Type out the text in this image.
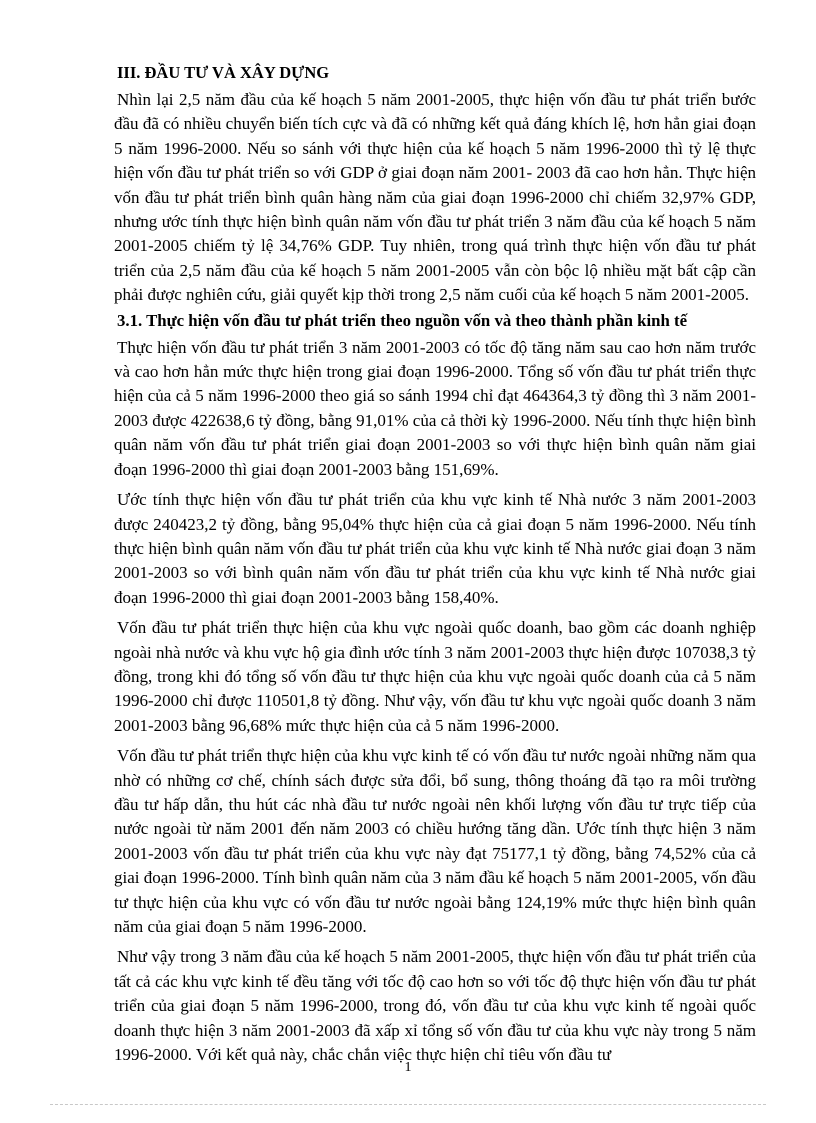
III. ĐẦU TƯ VÀ XÂY DỰNG

Nhìn lại 2,5 năm đầu của kế hoạch 5 năm 2001-2005, thực hiện vốn đầu tư phát triển bước đầu đã có nhiều chuyển biến tích cực và đã có những kết quả đáng khích lệ, hơn hẳn giai đoạn 5 năm 1996-2000. Nếu so sánh với thực hiện của kế hoạch 5 năm 1996-2000 thì tỷ lệ thực hiện vốn đầu tư phát triển so với GDP ở giai đoạn năm 2001- 2003 đã cao hơn hẳn. Thực hiện vốn đầu tư phát triển bình quân hàng năm của giai đoạn 1996-2000 chỉ chiếm 32,97% GDP, nhưng ước tính thực hiện bình quân năm vốn đầu tư phát triển 3 năm đầu của kế hoạch 5 năm 2001-2005 chiếm tỷ lệ 34,76% GDP. Tuy nhiên, trong quá trình thực hiện vốn đầu tư phát triển của 2,5 năm đầu của kế hoạch 5 năm 2001-2005 vẫn còn bộc lộ nhiều mặt bất cập cần phải được nghiên cứu, giải quyết kịp thời trong 2,5 năm cuối của kế hoạch 5 năm 2001-2005.

3.1. Thực hiện vốn đầu tư phát triển theo nguồn vốn và theo thành phần kinh tế

Thực hiện vốn đầu tư phát triển 3 năm 2001-2003 có tốc độ tăng năm sau cao hơn năm trước và cao hơn hẳn mức thực hiện trong giai đoạn 1996-2000. Tổng số vốn đầu tư phát triển thực hiện của cả 5 năm 1996-2000 theo giá so sánh 1994 chỉ đạt 464364,3 tỷ đồng thì 3 năm 2001-2003 được 422638,6 tỷ đồng, bằng 91,01% của cả thời kỳ 1996-2000. Nếu tính thực hiện bình quân năm vốn đầu tư phát triển giai đoạn 2001-2003 so với thực hiện bình quân năm giai đoạn 1996-2000 thì giai đoạn 2001-2003 bằng 151,69%.

Ước tính thực hiện vốn đầu tư phát triển của khu vực kinh tế Nhà nước 3 năm 2001-2003 được 240423,2 tỷ đồng, bằng 95,04% thực hiện của cả giai đoạn 5 năm 1996-2000. Nếu tính thực hiện bình quân năm vốn đầu tư phát triển của khu vực kinh tế Nhà nước giai đoạn 3 năm 2001-2003 so với bình quân năm vốn đầu tư phát triển của khu vực kinh tế Nhà nước giai đoạn 1996-2000 thì giai đoạn 2001-2003 bằng 158,40%.

Vốn đầu tư phát triển thực hiện của khu vực ngoài quốc doanh, bao gồm các doanh nghiệp ngoài nhà nước và khu vực hộ gia đình ước tính 3 năm 2001-2003 thực hiện được 107038,3 tỷ đồng, trong khi đó tổng số vốn đầu tư thực hiện của khu vực ngoài quốc doanh của cả 5 năm 1996-2000 chỉ được 110501,8 tỷ đồng. Như vậy, vốn đầu tư khu vực ngoài quốc doanh 3 năm 2001-2003 bằng 96,68% mức thực hiện của cả 5 năm 1996-2000.

Vốn đầu tư phát triển thực hiện của khu vực kinh tế có vốn đầu tư nước ngoài những năm qua nhờ có những cơ chế, chính sách được sửa đổi, bổ sung, thông thoáng đã tạo ra môi trường đầu tư hấp dẫn, thu hút các nhà đầu tư nước ngoài nên khối lượng vốn đầu tư trực tiếp của nước ngoài từ năm 2001 đến năm 2003 có chiều hướng tăng dần. Ước tính thực hiện 3 năm 2001-2003 vốn đầu tư phát triển của khu vực này đạt 75177,1 tỷ đồng, bằng 74,52% của cả giai đoạn 1996-2000. Tính bình quân năm của 3 năm đầu kế hoạch 5 năm 2001-2005, vốn đầu tư thực hiện của khu vực có vốn đầu tư nước ngoài bằng 124,19% mức thực hiện bình quân năm của giai đoạn 5 năm 1996-2000.

Như vậy trong 3 năm đầu của kế hoạch 5 năm 2001-2005, thực hiện vốn đầu tư phát triển của tất cả các khu vực kinh tế đều tăng với tốc độ cao hơn so với tốc độ thực hiện vốn đầu tư phát triển của giai đoạn 5 năm 1996-2000, trong đó, vốn đầu tư của khu vực kinh tế ngoài quốc doanh thực hiện 3 năm 2001-2003 đã xấp xỉ tổng số vốn đầu tư của khu vực này trong 5 năm 1996-2000. Với kết quả này, chắc chắn việc thực hiện chỉ tiêu vốn đầu tư

1
